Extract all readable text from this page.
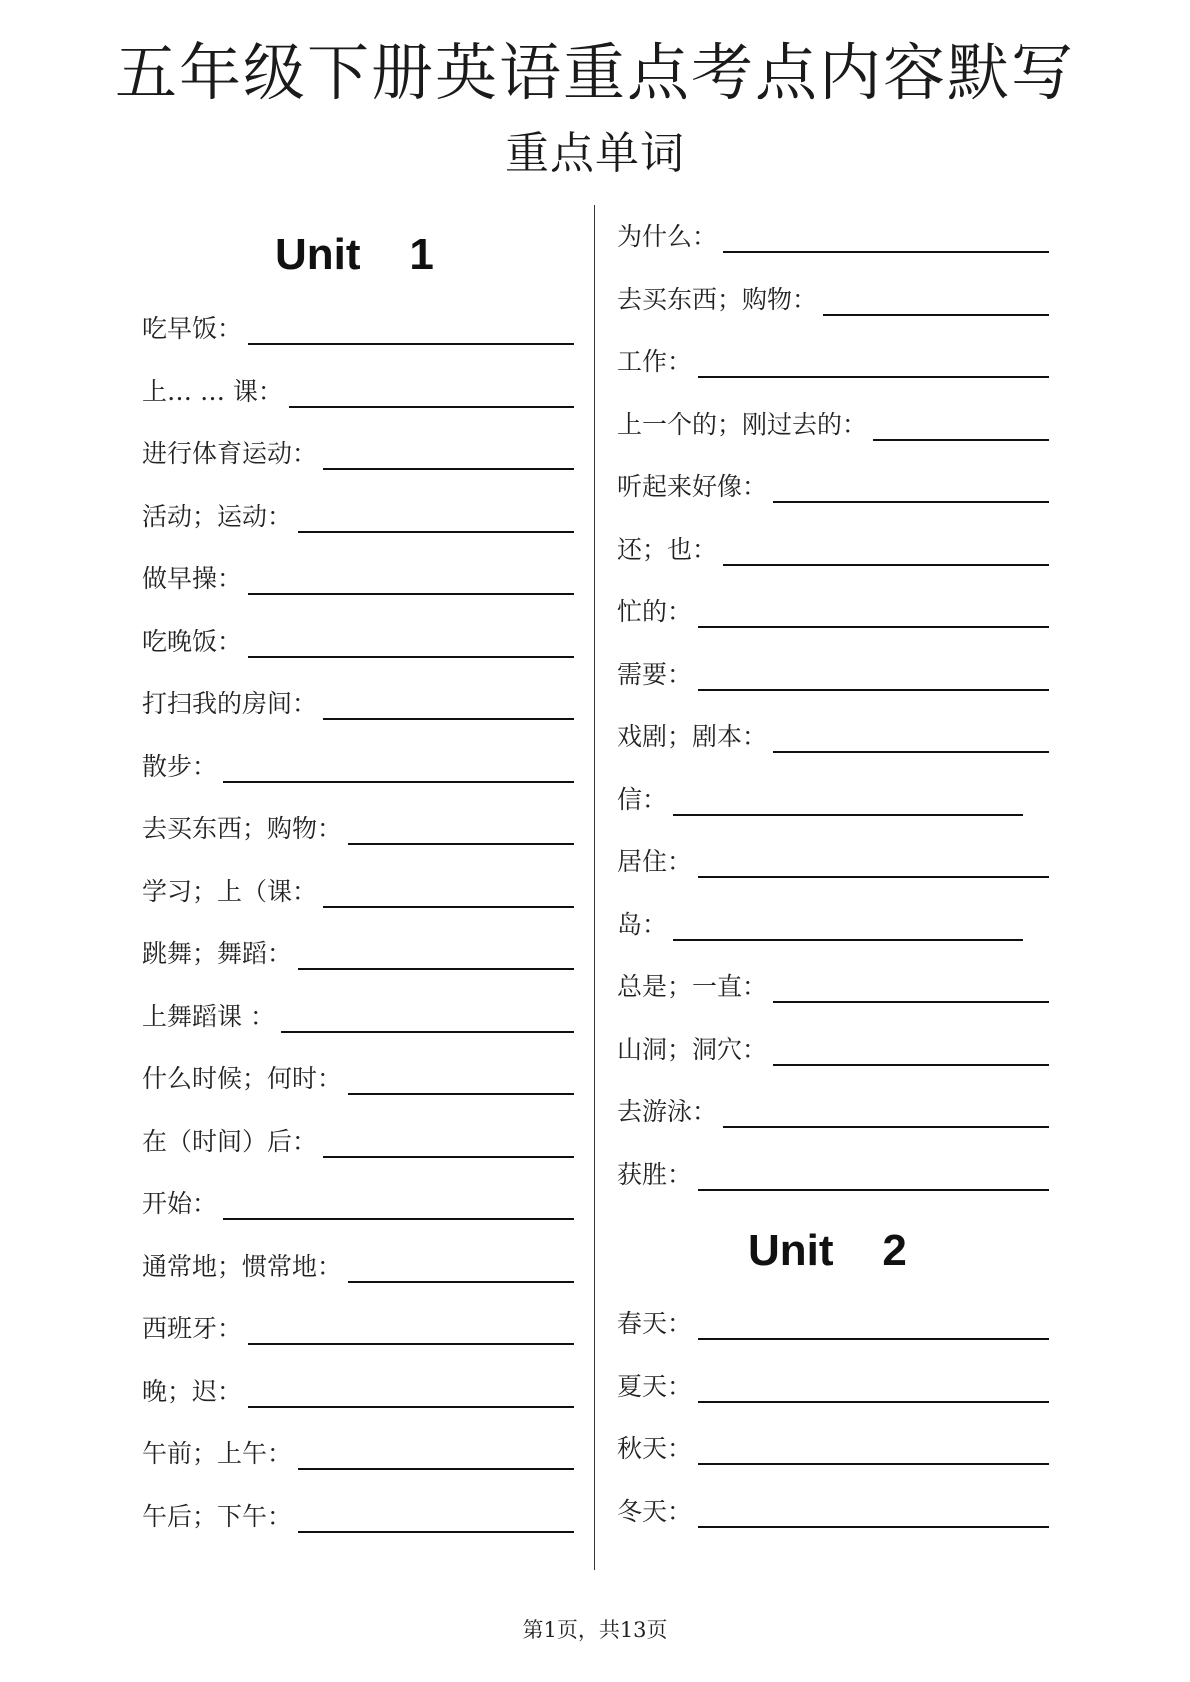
五年级下册英语重点考点内容默写
重点单词
Unit    1
吃早饭：
上… … 课：
进行体育运动：
活动；运动：
做早操：
吃晚饭：
打扫我的房间：
散步：
去买东西；购物：
学习；上（课：
跳舞；舞蹈：
上舞蹈课 ：
什么时候；何时：
在（时间）后：
开始：
通常地；惯常地：
西班牙：
晚；迟：
午前；上午：
午后；下午：
为什么：
去买东西；购物：
工作：
上一个的；刚过去的：
听起来好像：
还；也：
忙的：
需要：
戏剧；剧本：
信：
居住：
岛：
总是；一直：
山洞；洞穴：
去游泳：
获胜：
春天：
夏天：
秋天：
冬天：
Unit    2
第1页，共13页
